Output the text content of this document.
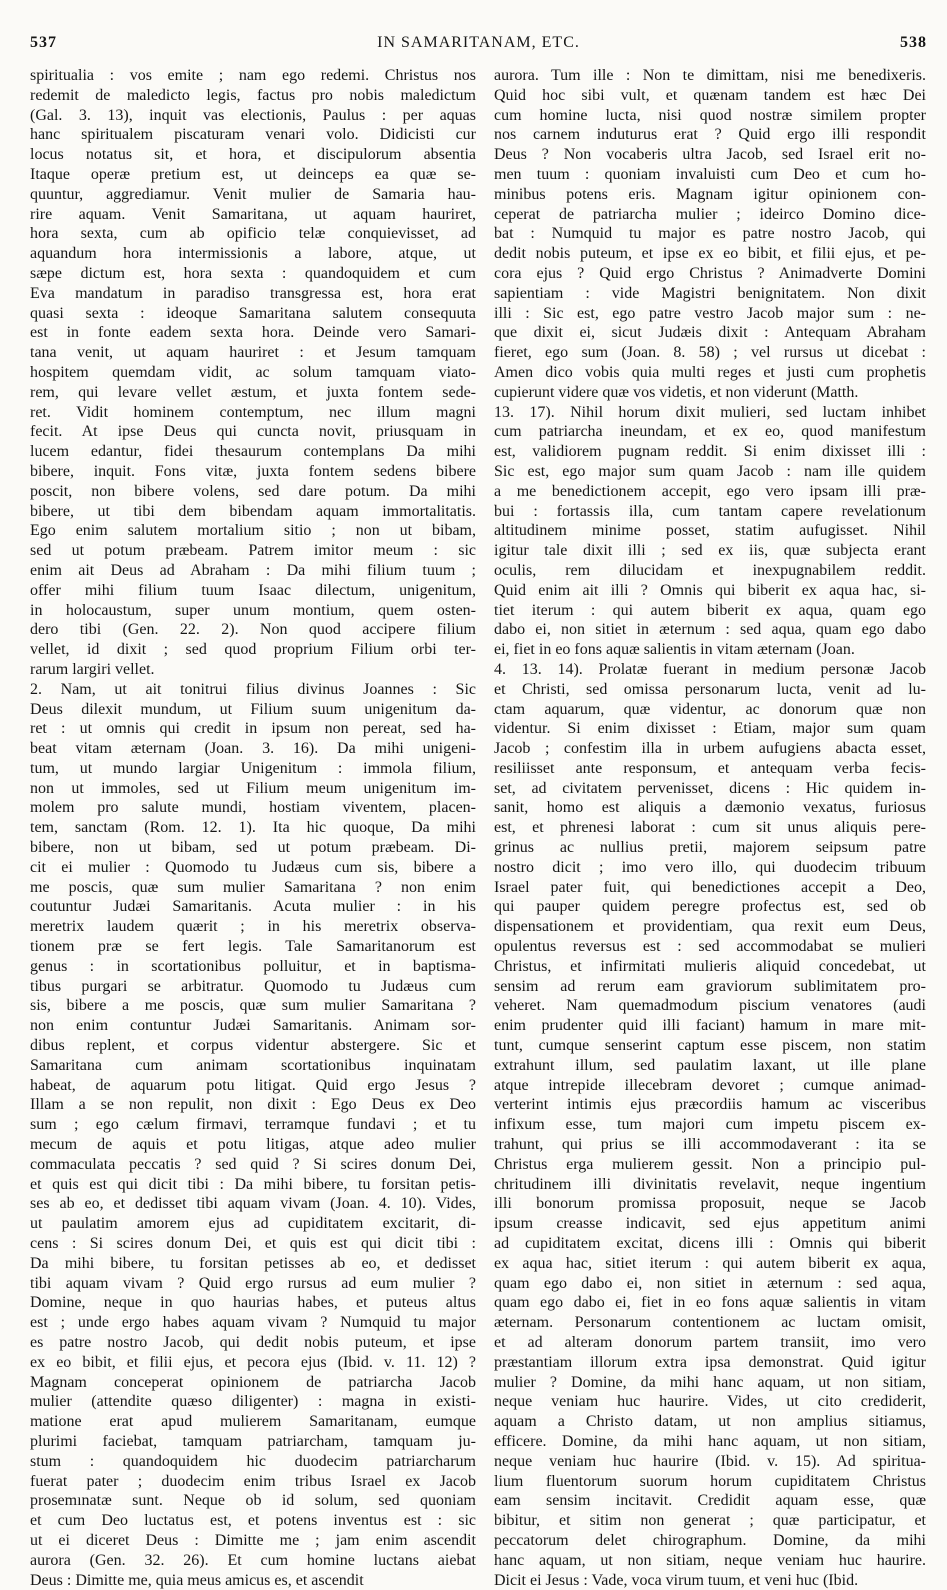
537	IN SAMARITANAM, ETC.	538
spiritualia : vos emite ; nam ego redemi. Christus nos
redemit de maledicto legis, factus pro nobis maledictum
(Gal. 3. 13), inquit vas electionis, Paulus : per aquas
hanc spiritualem piscaturam venari volo. Didicisti cur
locus notatus sit, et hora, et discipulorum absentia
Itaque operæ pretium est, ut deinceps ea quæ se-
quuntur, aggrediamur. Venit mulier de Samaria hau-
rire aquam. Venit Samaritana, ut aquam hauriret,
hora sexta, cum ab opificio telæ conquievisset, ad
aquandum hora intermissionis a labore, atque, ut
sæpe dictum est, hora sexta : quandoquidem et cum
Eva mandatum in paradiso transgressa est, hora erat
quasi sexta : ideoque Samaritana salutem consequuta
est in fonte eadem sexta hora. Deinde vero Samari-
tana venit, ut aquam hauriret : et Jesum tamquam
hospitem quemdam vidit, ac solum tamquam viato-
rem, qui levare vellet æstum, et juxta fontem sede-
ret. Vidit hominem contemptum, nec illum magni
fecit. At ipse Deus qui cuncta novit, priusquam in
lucem edantur, fidei thesaurum contemplans Da mihi
bibere, inquit. Fons vitæ, juxta fontem sedens bibere
poscit, non bibere volens, sed dare potum. Da mihi
bibere, ut tibi dem bibendam aquam immortalitatis.
Ego enim salutem mortalium sitio ; non ut bibam,
sed ut potum præbeam. Patrem imitor meum : sic
enim ait Deus ad Abraham : Da mihi filium tuum ;
offer mihi filium tuum Isaac dilectum, unigenitum,
in holocaustum, super unum montium, quem osten-
dero tibi (Gen. 22. 2). Non quod accipere filium
vellet, id dixit ; sed quod proprium Filium orbi ter-
rarum largiri vellet.
2. Nam, ut ait tonitrui filius divinus Joannes : Sic
Deus dilexit mundum, ut Filium suum unigenitum da-
ret : ut omnis qui credit in ipsum non pereat, sed ha-
beat vitam æternam (Joan. 3. 16). Da mihi unigeni-
tum, ut mundo largiar Unigenitum : immola filium,
non ut immoles, sed ut Filium meum unigenitum im-
molem pro salute mundi, hostiam viventem, placen-
tem, sanctam (Rom. 12. 1). Ita hic quoque, Da mihi
bibere, non ut bibam, sed ut potum præbeam. Di-
cit ei mulier : Quomodo tu Judæus cum sis, bibere a
me poscis, quæ sum mulier Samaritana ? non enim
coutuntur Judæi Samaritanis. Acuta mulier : in his
meretrix laudem quærit ; in his meretrix observa-
tionem præ se fert legis. Tale Samaritanorum est
genus : in scortationibus polluitur, et in baptisma-
tibus purgari se arbitratur. Quomodo tu Judæus cum
sis, bibere a me poscis, quæ sum mulier Samaritana ?
non enim contuntur Judæi Samaritanis. Animam sor-
dibus replent, et corpus videntur abstergere. Sic et
Samaritana cum animam scortationibus inquinatam
habeat, de aquarum potu litigat. Quid ergo Jesus ?
Illam a se non repulit, non dixit : Ego Deus ex Deo
sum ; ego cælum firmavi, terramque fundavi ; et tu
mecum de aquis et potu litigas, atque adeo mulier
commaculata peccatis ? sed quid ? Si scires donum Dei,
et quis est qui dicit tibi : Da mihi bibere, tu forsitan petis-
ses ab eo, et dedisset tibi aquam vivam (Joan. 4. 10). Vides,
ut paulatim amorem ejus ad cupiditatem excitarit, di-
cens : Si scires donum Dei, et quis est qui dicit tibi :
Da mihi bibere, tu forsitan petisses ab eo, et dedisset
tibi aquam vivam ? Quid ergo rursus ad eum mulier ?
Domine, neque in quo haurias habes, et puteus altus
est ; unde ergo habes aquam vivam ? Numquid tu major
es patre nostro Jacob, qui dedit nobis puteum, et ipse
ex eo bibit, et filii ejus, et pecora ejus (Ibid. v. 11. 12) ?
Magnam conceperat opinionem de patriarcha Jacob
mulier (attendite quæso diligenter) : magna in existi-
matione erat apud mulierem Samaritanam, eumque
plurimi faciebat, tamquam patriarcham, tamquam ju-
stum : quandoquidem hic duodecim patriarcharum
fuerat pater ; duodecim enim tribus Israel ex Jacob
prosemınatæ sunt. Neque ob id solum, sed quoniam
et cum Deo luctatus est, et potens inventus est : sic
ut ei diceret Deus : Dimitte me ; jam enim ascendit
aurora (Gen. 32. 26). Et cum homine luctans aiebat
Deus : Dimitte me, quia meus amicus es, et ascendit
aurora. Tum ille : Non te dimittam, nisi me benedixeris.
Quid hoc sibi vult, et quænam tandem est hæc Dei
cum homine lucta, nisi quod nostræ similem propter
nos carnem induturus erat ? Quid ergo illi respondit
Deus ? Non vocaberis ultra Jacob, sed Israel erit no-
men tuum : quoniam invaluisti cum Deo et cum ho-
minibus potens eris. Magnam igitur opinionem con-
ceperat de patriarcha mulier ; ideirco Domino dice-
bat : Numquid tu major es patre nostro Jacob, qui
dedit nobis puteum, et ipse ex eo bibit, et filii ejus, et pe-
cora ejus ? Quid ergo Christus ? Animadverte Domini
sapientiam : vide Magistri benignitatem. Non dixit
illi : Sic est, ego patre vestro Jacob major sum : ne-
que dixit ei, sicut Judæis dixit : Antequam Abraham
fieret, ego sum (Joan. 8. 58) ; vel rursus ut dicebat :
Amen dico vobis quia multi reges et justi cum prophetis
cupierunt videre quæ vos videtis, et non viderunt (Matth.
13. 17). Nihil horum dixit mulieri, sed luctam inhibet
cum patriarcha ineundam, et ex eo, quod manifestum
est, validiorem pugnam reddit. Si enim dixisset illi :
Sic est, ego major sum quam Jacob : nam ille quidem
a me benedictionem accepit, ego vero ipsam illi præ-
bui : fortassis illa, cum tantam capere revelationum
altitudinem minime posset, statim aufugisset. Nihil
igitur tale dixit illi ; sed ex iis, quæ subjecta erant
oculis, rem dilucidam et inexpugnabilem reddit.
Quid enim ait illi ? Omnis qui biberit ex aqua hac, si-
tiet iterum : qui autem biberit ex aqua, quam ego
dabo ei, non sitiet in æternum : sed aqua, quam ego dabo
ei, fiet in eo fons aquæ salientis in vitam æternam (Joan.
4. 13. 14). Prolatæ fuerant in medium personæ Jacob
et Christi, sed omissa personarum lucta, venit ad lu-
ctam aquarum, quæ videntur, ac donorum quæ non
videntur. Si enim dixisset : Etiam, major sum quam
Jacob ; confestim illa in urbem aufugiens abacta esset,
resiliisset ante responsum, et antequam verba fecis-
set, ad civitatem pervenisset, dicens : Hic quidem in-
sanit, homo est aliquis a dæmonio vexatus, furiosus
est, et phrenesi laborat : cum sit unus aliquis pere-
grinus ac nullius pretii, majorem seipsum patre
nostro dicit ; imo vero illo, qui duodecim tribuum
Israel pater fuit, qui benedictiones accepit a Deo,
qui pauper quidem peregre profectus est, sed ob
dispensationem et providentiam, qua rexit eum Deus,
opulentus reversus est : sed accommodabat se mulieri
Christus, et infirmitati mulieris aliquid concedebat, ut
sensim ad rerum eam graviorum sublimitatem pro-
veheret. Nam quemadmodum piscium venatores (audi
enim prudenter quid illi faciant) hamum in mare mit-
tunt, cumque senserint captum esse piscem, non statim
extrahunt illum, sed paulatim laxant, ut ille plane
atque intrepide illecebram devoret ; cumque animad-
verterint intimis ejus præcordiis hamum ac visceribus
infixum esse, tum majori cum impetu piscem ex-
trahunt, qui prius se illi accommodaverant : ita se
Christus erga mulierem gessit. Non a principio pul-
chritudinem illi divinitatis revelavit, neque ingentium
illi bonorum promissa proposuit, neque se Jacob
ipsum creasse indicavit, sed ejus appetitum animi
ad cupiditatem excitat, dicens illi : Omnis qui biberit
ex aqua hac, sitiet iterum : qui autem biberit ex aqua,
quam ego dabo ei, non sitiet in æternum : sed aqua,
quam ego dabo ei, fiet in eo fons aquæ salientis in vitam
æternam. Personarum contentionem ac luctam omisit,
et ad alteram donorum partem transiit, imo vero
præstantiam illorum extra ipsa demonstrat. Quid igitur
mulier ? Domine, da mihi hanc aquam, ut non sitiam,
neque veniam huc haurire. Vides, ut cito crediderit,
aquam a Christo datam, ut non amplius sitiamus,
efficere. Domine, da mihi hanc aquam, ut non sitiam,
neque veniam huc haurire (Ibid. v. 15). Ad spiritua-
lium fluentorum suorum horum cupiditatem Christus
eam sensim incitavit. Credidit aquam esse, quæ
bibitur, et sitim non generat ; quæ participatur, et
peccatorum delet chirographum. Domine, da mihi
hanc aquam, ut non sitiam, neque veniam huc haurire.
Dicit ei Jesus : Vade, voca virum tuum, et veni huc (Ibid.
